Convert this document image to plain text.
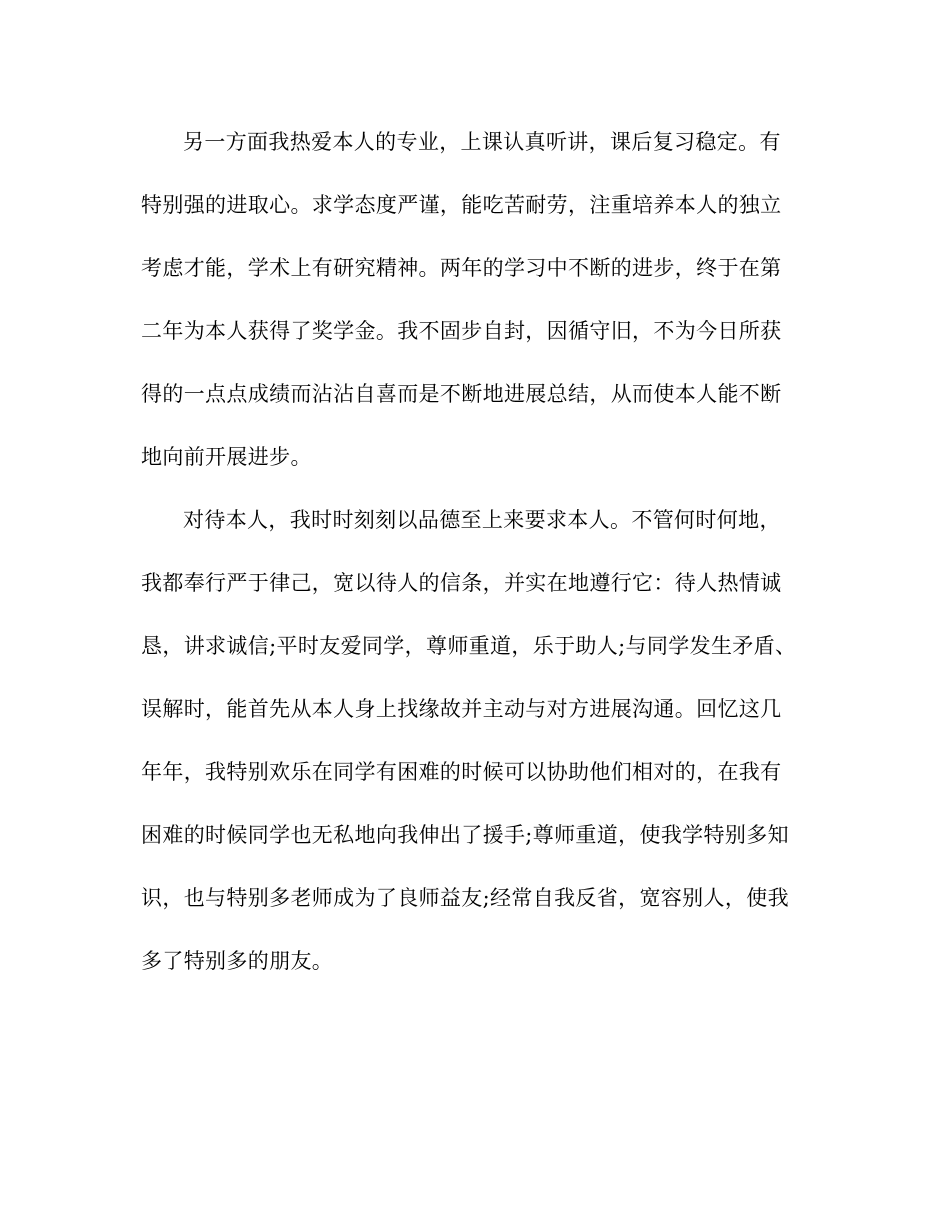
另一方面我热爱本人的专业，上课认真听讲，课后复习稳定。有
特别强的进取心。求学态度严谨，能吃苦耐劳，注重培养本人的独立
考虑才能，学术上有研究精神。两年的学习中不断的进步，终于在第
二年为本人获得了奖学金。我不固步自封，因循守旧，不为今日所获
得的一点点成绩而沾沾自喜而是不断地进展总结，从而使本人能不断
地向前开展进步。
对待本人，我时时刻刻以品德至上来要求本人。不管何时何地，
我都奉行严于律己，宽以待人的信条，并实在地遵行它：待人热情诚
恳，讲求诚信;平时友爱同学，尊师重道，乐于助人;与同学发生矛盾、
误解时，能首先从本人身上找缘故并主动与对方进展沟通。回忆这几
年年，我特别欢乐在同学有困难的时候可以协助他们相对的，在我有
困难的时候同学也无私地向我伸出了援手;尊师重道，使我学特别多知
识，也与特别多老师成为了良师益友;经常自我反省，宽容别人，使我
多了特别多的朋友。
